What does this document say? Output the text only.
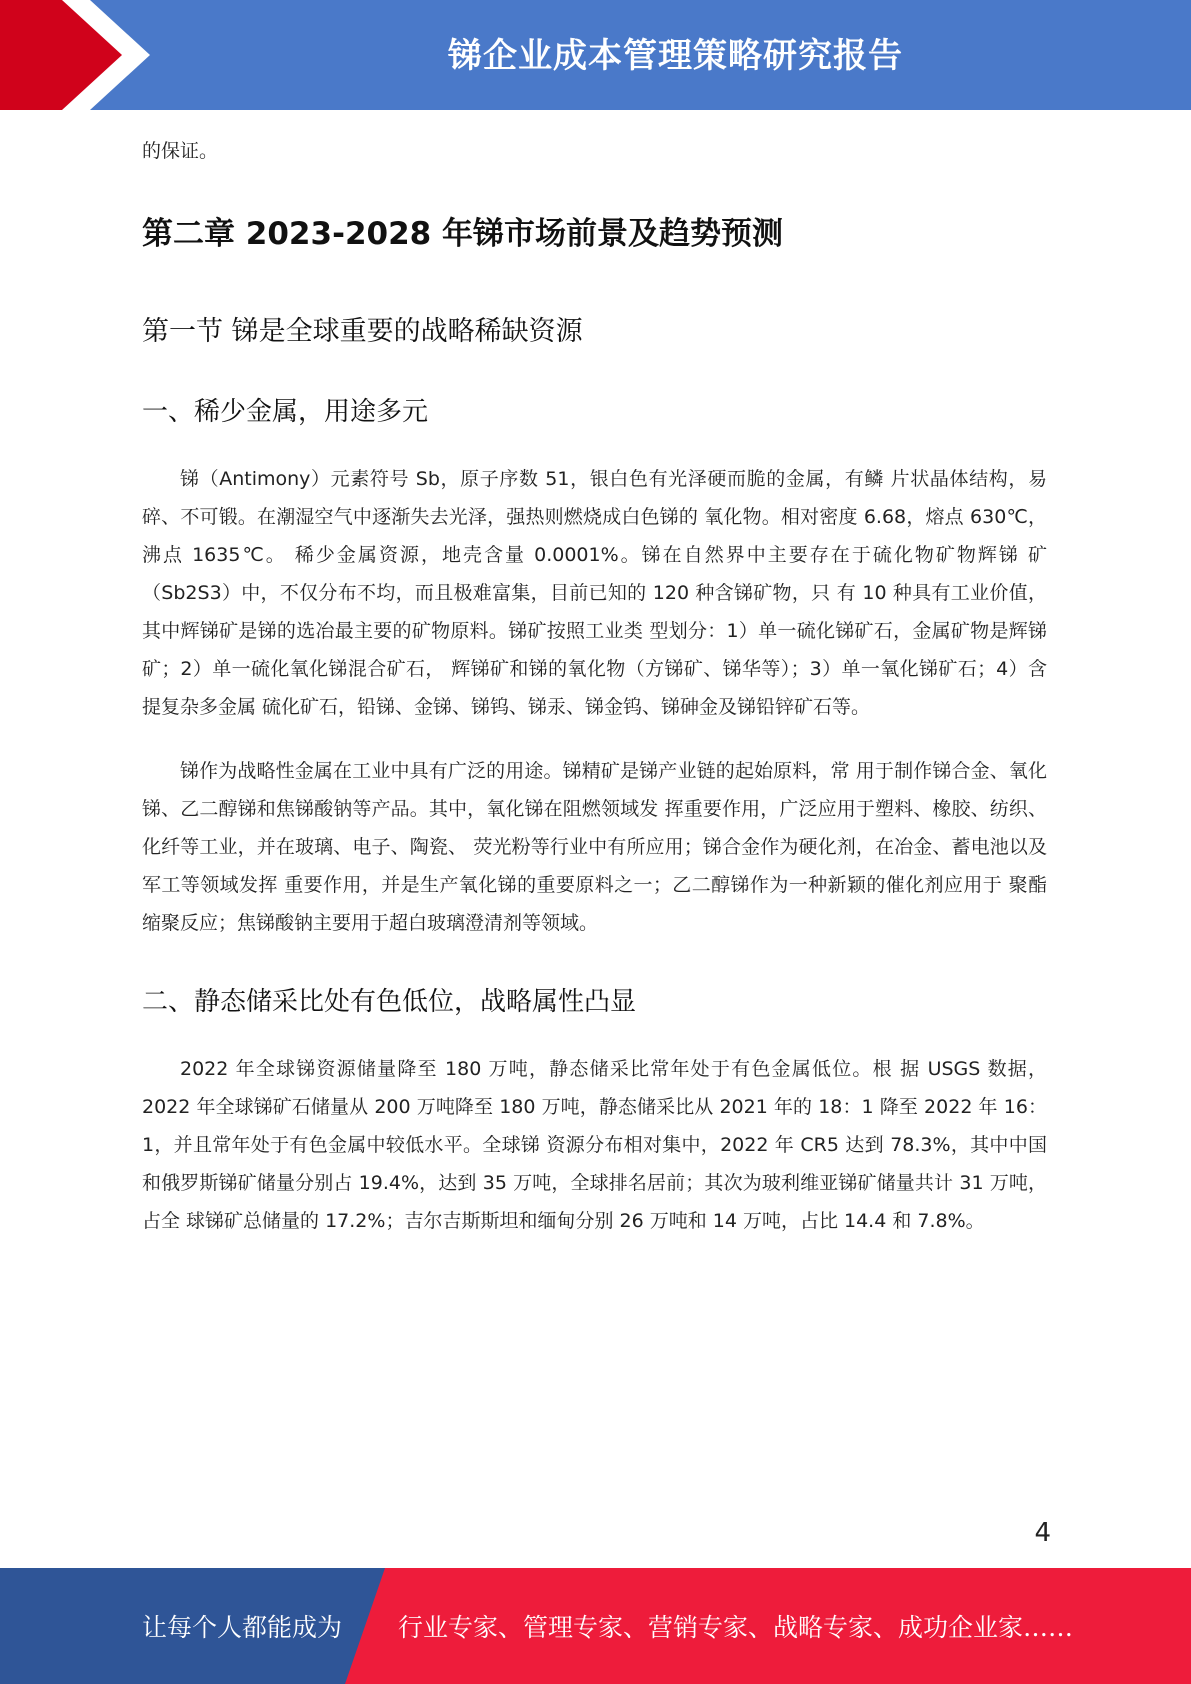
锑企业成本管理策略研究报告

的保证。

第二章 2023-2028 年锑市场前景及趋势预测
第一节 锑是全球重要的战略稀缺资源
一、稀少金属，用途多元

锑（Antimony）元素符号 Sb，原子序数 51，银白色有光泽硬而脆的金属，有鳞 片状晶体结构，易碎、不可锻。在潮湿空气中逐渐失去光泽，强热则燃烧成白色锑的 氧化物。相对密度 6.68，熔点 630℃，沸点 1635℃。 稀少金属资源，地壳含量 0.0001%。锑在自然界中主要存在于硫化物矿物辉锑 矿（Sb2S3）中，不仅分布不均，而且极难富集，目前已知的 120 种含锑矿物，只 有 10 种具有工业价值，其中辉锑矿是锑的选冶最主要的矿物原料。锑矿按照工业类 型划分：1）单一硫化锑矿石，金属矿物是辉锑矿；2）单一硫化氧化锑混合矿石， 辉锑矿和锑的氧化物（方锑矿、锑华等）；3）单一氧化锑矿石；4）含提复杂多金属 硫化矿石，铅锑、金锑、锑钨、锑汞、锑金钨、锑砷金及锑铅锌矿石等。

锑作为战略性金属在工业中具有广泛的用途。锑精矿是锑产业链的起始原料，常 用于制作锑合金、氧化锑、乙二醇锑和焦锑酸钠等产品。其中，氧化锑在阻燃领域发 挥重要作用，广泛应用于塑料、橡胶、纺织、化纤等工业，并在玻璃、电子、陶瓷、 荧光粉等行业中有所应用；锑合金作为硬化剂，在冶金、蓄电池以及军工等领域发挥 重要作用，并是生产氧化锑的重要原料之一；乙二醇锑作为一种新颖的催化剂应用于 聚酯缩聚反应；焦锑酸钠主要用于超白玻璃澄清剂等领域。

二、静态储采比处有色低位，战略属性凸显

2022 年全球锑资源储量降至 180 万吨，静态储采比常年处于有色金属低位。根 据 USGS 数据，2022 年全球锑矿石储量从 200 万吨降至 180 万吨，静态储采比从 2021 年的 18：1 降至 2022 年 16：1，并且常年处于有色金属中较低水平。全球锑 资源分布相对集中，2022 年 CR5 达到 78.3%，其中中国和俄罗斯锑矿储量分别占 19.4%，达到 35 万吨，全球排名居前；其次为玻利维亚锑矿储量共计 31 万吨，占全 球锑矿总储量的 17.2%；吉尔吉斯斯坦和缅甸分别 26 万吨和 14 万吨，占比 14.4 和 7.8%。

4
让每个人都能成为 行业专家、管理专家、营销专家、战略专家、成功企业家……
